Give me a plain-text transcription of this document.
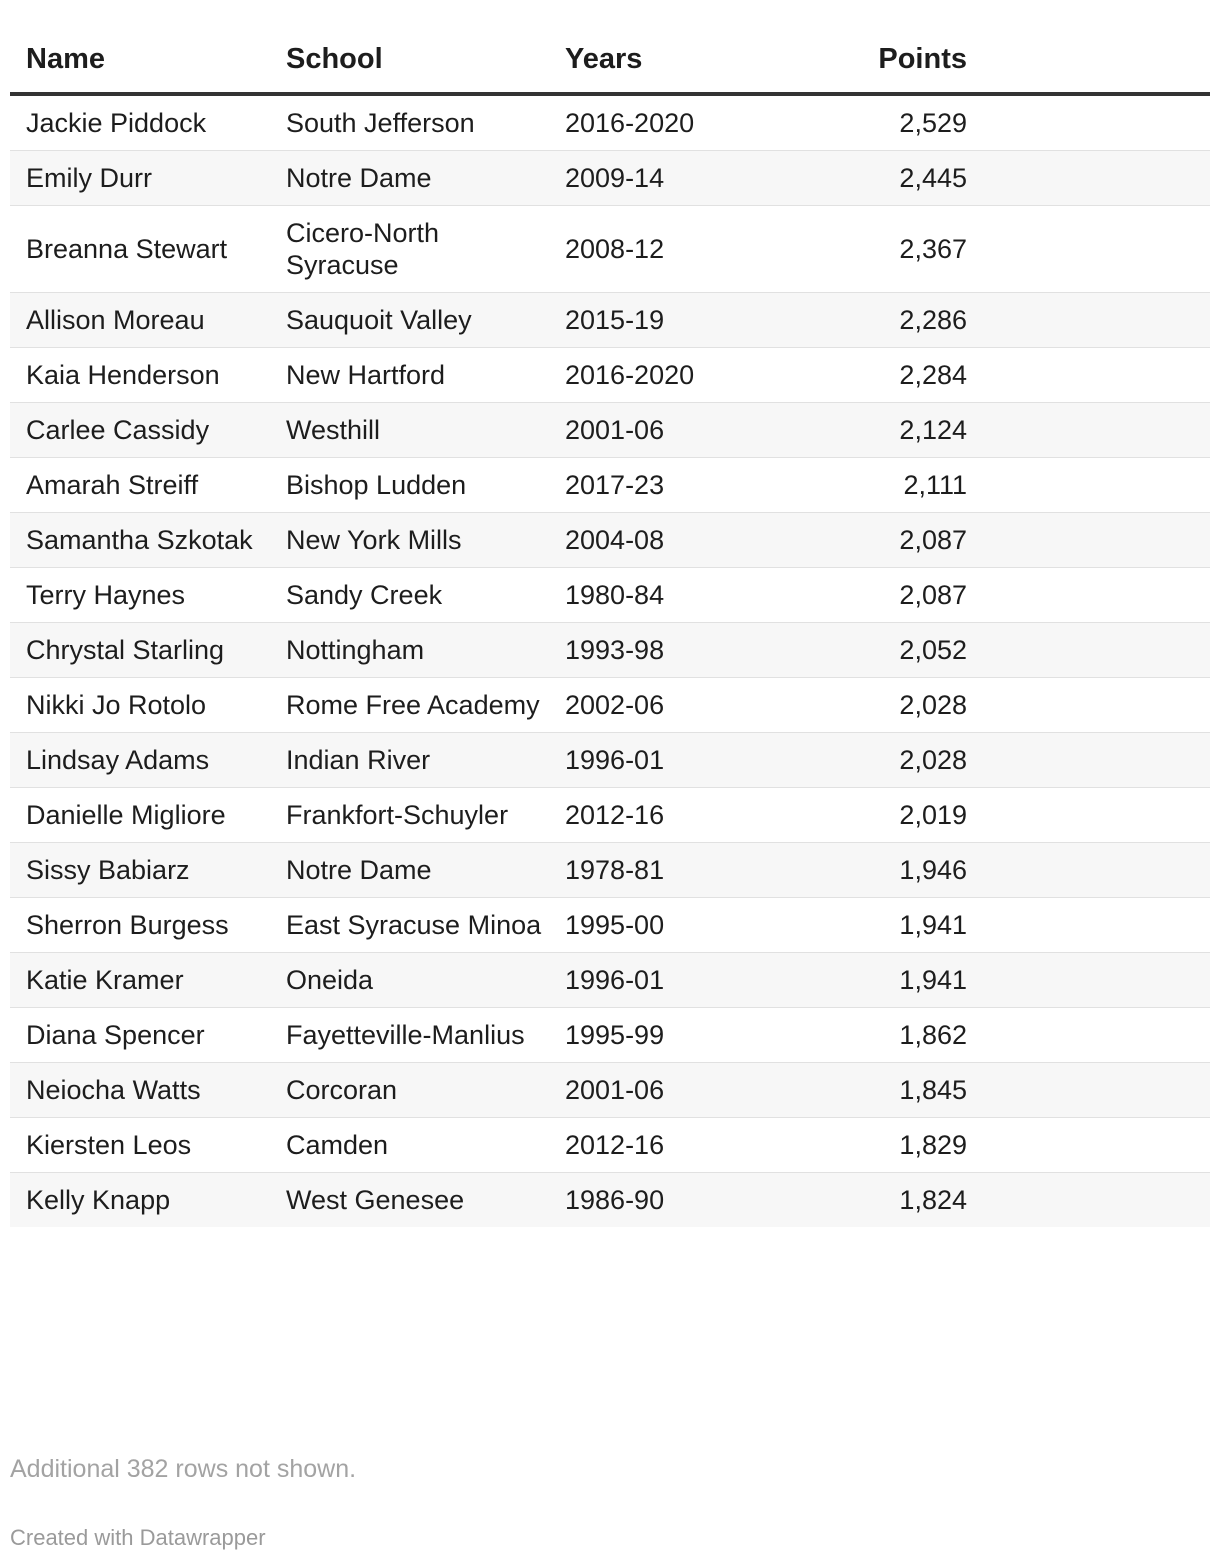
Name	School	Years	Points	
Jackie Piddock	South Jefferson	2016-2020	2,529	
Emily Durr	Notre Dame	2009-14	2,445	
Breanna Stewart	Cicero-North Syracuse	2008-12	2,367	
Allison Moreau	Sauquoit Valley	2015-19	2,286	
Kaia Henderson	New Hartford	2016-2020	2,284	
Carlee Cassidy	Westhill	2001-06	2,124	
Amarah Streiff	Bishop Ludden	2017-23	2,111	
Samantha Szkotak	New York Mills	2004-08	2,087	
Terry Haynes	Sandy Creek	1980-84	2,087	
Chrystal Starling	Nottingham	1993-98	2,052	
Nikki Jo Rotolo	Rome Free Academy	2002-06	2,028	
Lindsay Adams	Indian River	1996-01	2,028	
Danielle Migliore	Frankfort-Schuyler	2012-16	2,019	
Sissy Babiarz	Notre Dame	1978-81	1,946	
Sherron Burgess	East Syracuse Minoa	1995-00	1,941	
Katie Kramer	Oneida	1996-01	1,941	
Diana Spencer	Fayetteville-Manlius	1995-99	1,862	
Neiocha Watts	Corcoran	2001-06	1,845	
Kiersten Leos	Camden	2012-16	1,829	
Kelly Knapp	West Genesee	1986-90	1,824	
Additional 382 rows not shown.
Created with Datawrapper
